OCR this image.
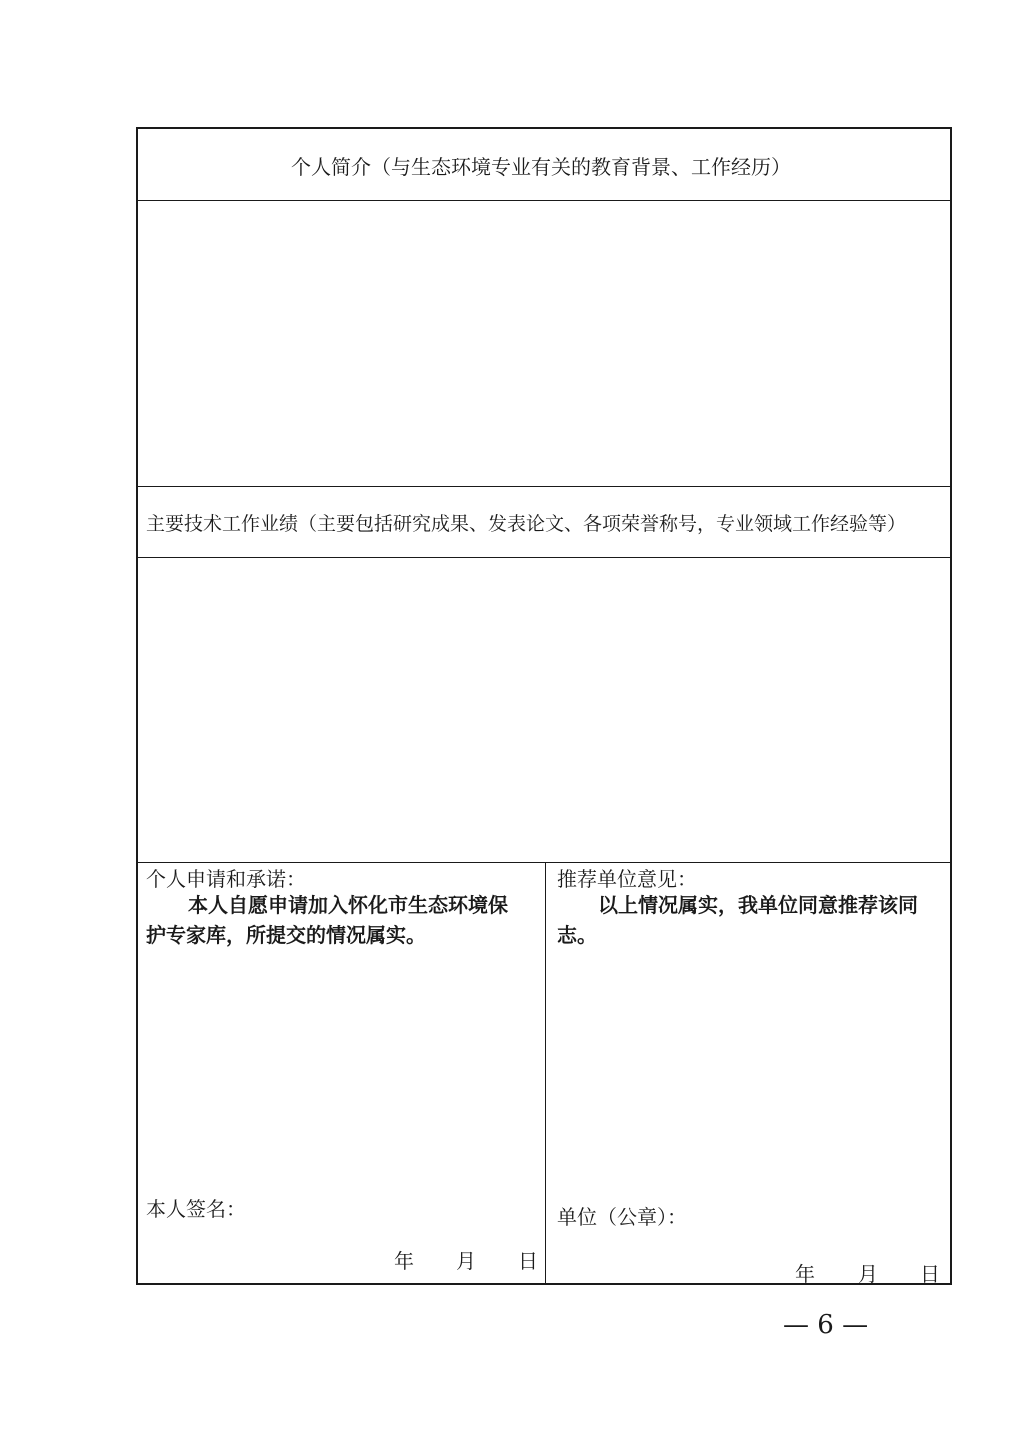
个人简介（与生态环境专业有关的教育背景、工作经历）
主要技术工作业绩（主要包括研究成果、发表论文、各项荣誉称号，专业领域工作经验等）
个人申请和承诺：
本人自愿申请加入怀化市生态环境保
护专家库，所提交的情况属实。
本人签名：
年 月 日
推荐单位意见：
以上情况属实，我单位同意推荐该同
志。
单位（公章）：
年 月 日
— 6 —
